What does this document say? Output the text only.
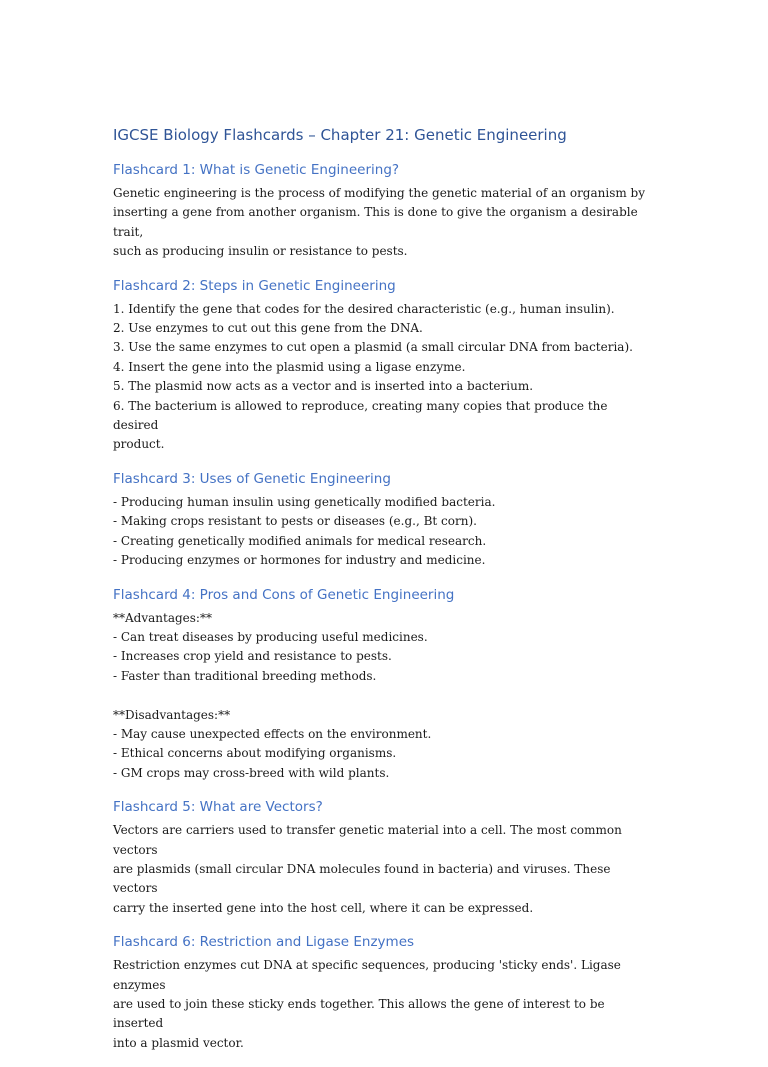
IGCSE Biology Flashcards – Chapter 21: Genetic Engineering
Flashcard 1: What is Genetic Engineering?

Genetic engineering is the process of modifying the genetic material of an organism by
inserting a gene from another organism. This is done to give the organism a desirable trait,
such as producing insulin or resistance to pests.

Flashcard 2: Steps in Genetic Engineering

1. Identify the gene that codes for the desired characteristic (e.g., human insulin).
2. Use enzymes to cut out this gene from the DNA.
3. Use the same enzymes to cut open a plasmid (a small circular DNA from bacteria).
4. Insert the gene into the plasmid using a ligase enzyme.
5. The plasmid now acts as a vector and is inserted into a bacterium.
6. The bacterium is allowed to reproduce, creating many copies that produce the desired
product.

Flashcard 3: Uses of Genetic Engineering

- Producing human insulin using genetically modified bacteria.
- Making crops resistant to pests or diseases (e.g., Bt corn).
- Creating genetically modified animals for medical research.
- Producing enzymes or hormones for industry and medicine.

Flashcard 4: Pros and Cons of Genetic Engineering

**Advantages:**
- Can treat diseases by producing useful medicines.
- Increases crop yield and resistance to pests.
- Faster than traditional breeding methods.
**Disadvantages:**
- May cause unexpected effects on the environment.
- Ethical concerns about modifying organisms.
- GM crops may cross-breed with wild plants.

Flashcard 5: What are Vectors?

Vectors are carriers used to transfer genetic material into a cell. The most common vectors
are plasmids (small circular DNA molecules found in bacteria) and viruses. These vectors
carry the inserted gene into the host cell, where it can be expressed.

Flashcard 6: Restriction and Ligase Enzymes

Restriction enzymes cut DNA at specific sequences, producing 'sticky ends'. Ligase enzymes
are used to join these sticky ends together. This allows the gene of interest to be inserted
into a plasmid vector.
